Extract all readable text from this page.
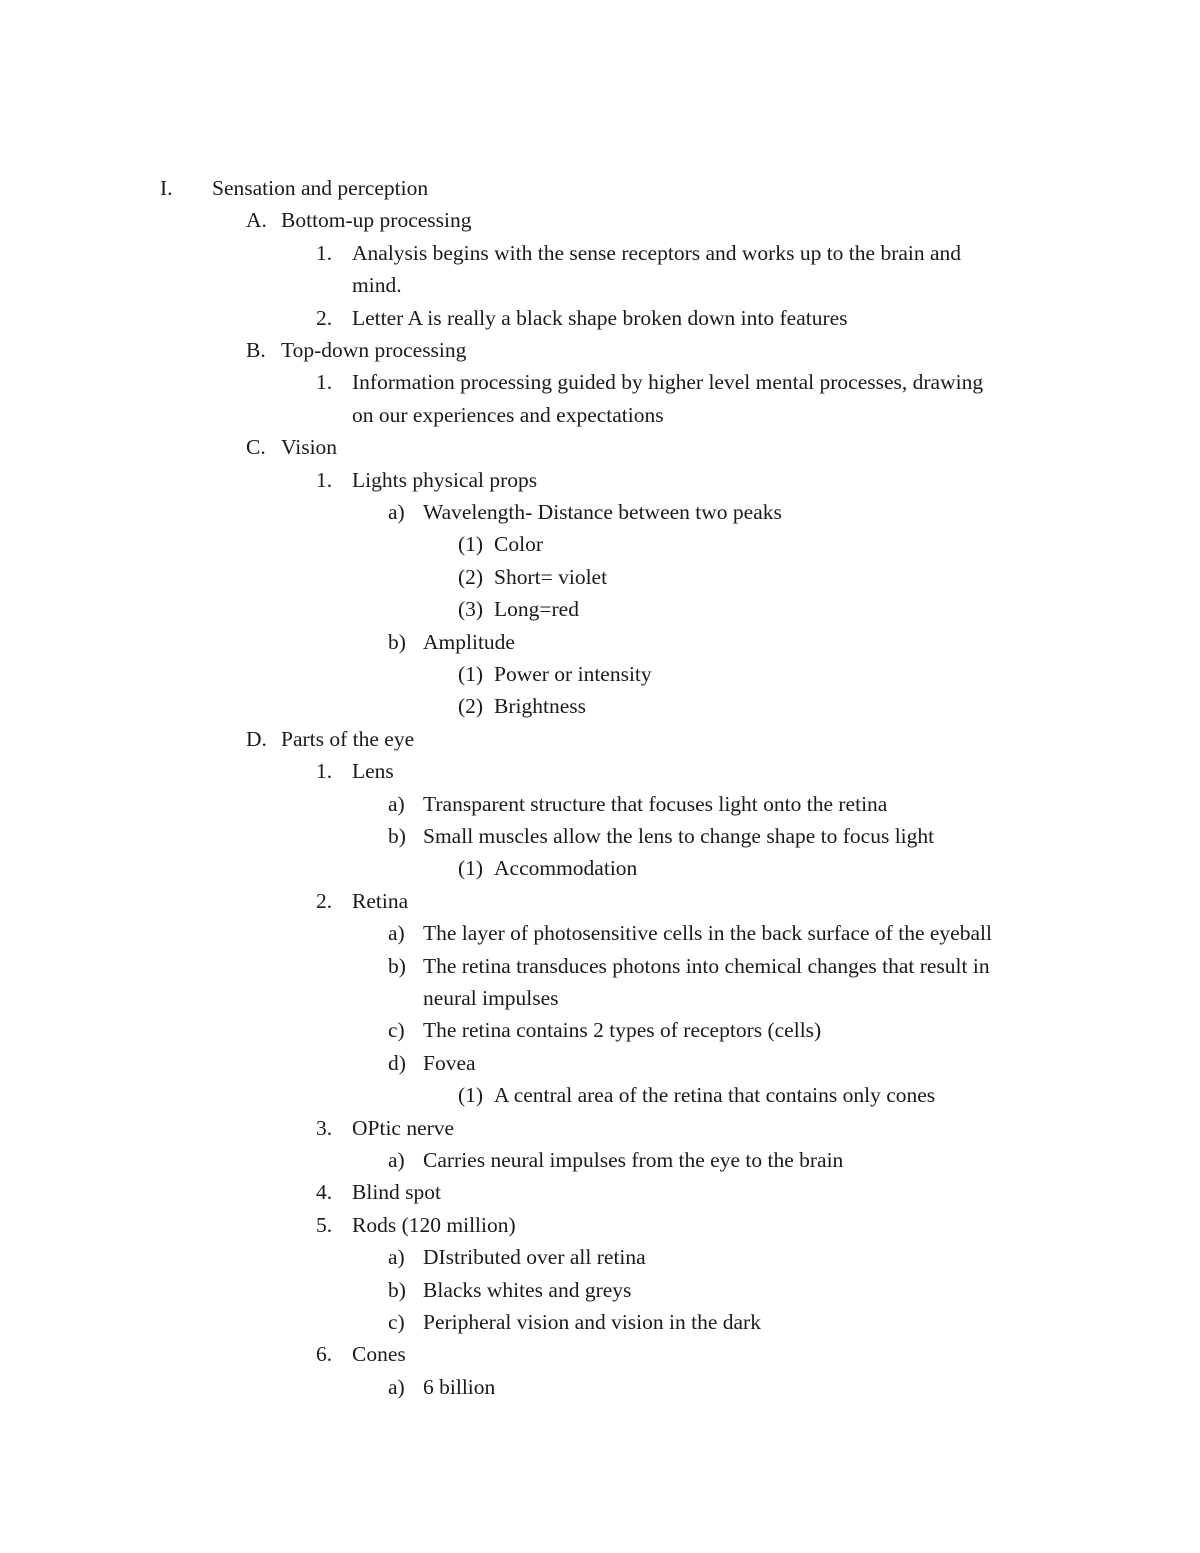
I. Sensation and perception
A. Bottom-up processing
1. Analysis begins with the sense receptors and works up to the brain and
mind.
2. Letter A is really a black shape broken down into features
B. Top-down processing
1. Information processing guided by higher level mental processes, drawing
on our experiences and expectations
C. Vision
1. Lights physical props
a) Wavelength- Distance between two peaks
(1) Color
(2) Short= violet
(3) Long=red
b) Amplitude
(1) Power or intensity
(2) Brightness
D. Parts of the eye
1. Lens
a) Transparent structure that focuses light onto the retina
b) Small muscles allow the lens to change shape to focus light
(1) Accommodation
2. Retina
a) The layer of photosensitive cells in the back surface of the eyeball
b) The retina transduces photons into chemical changes that result in
neural impulses
c) The retina contains 2 types of receptors (cells)
d) Fovea
(1) A central area of the retina that contains only cones
3. OPtic nerve
a) Carries neural impulses from the eye to the brain
4. Blind spot
5. Rods (120 million)
a) DIstributed over all retina
b) Blacks whites and greys
c) Peripheral vision and vision in the dark
6. Cones
a) 6 billion
